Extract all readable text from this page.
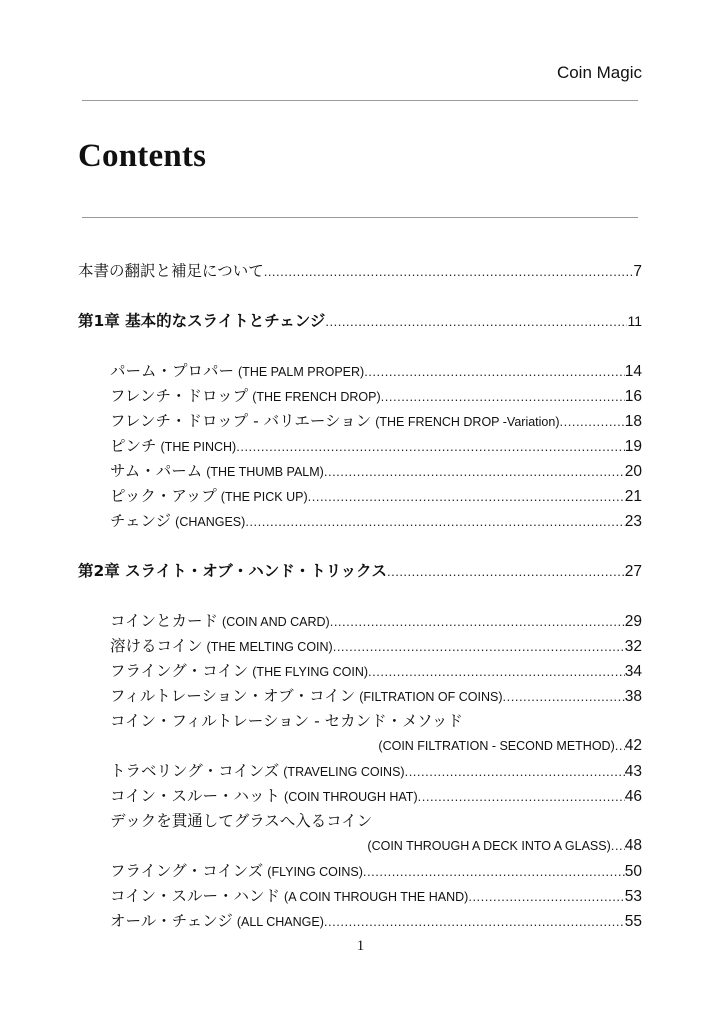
Coin Magic
Contents
本書の翻訳と補足について .....	7
第1章 基本的なスライトとチェンジ .....	11
パーム・プロパー (THE PALM PROPER) .....	14
フレンチ・ドロップ (THE FRENCH DROP) .....	16
フレンチ・ドロップ - バリエーション (THE FRENCH DROP -Variation) .....	18
ピンチ (THE PINCH) .....	19
サム・パーム (THE THUMB PALM) .....	20
ピック・アップ (THE PICK UP) .....	21
チェンジ (CHANGES) .....	23
第2章 スライト・オブ・ハンド・トリックス .....	27
コインとカード (COIN AND CARD) .....	29
溶けるコイン (THE MELTING COIN) .....	32
フライング・コイン (THE FLYING COIN) .....	34
フィルトレーション・オブ・コイン (FILTRATION OF COINS) .....	38
コイン・フィルトレーション - セカンド・メソッド
(COIN FILTRATION - SECOND METHOD) ..... 42
トラベリング・コインズ (TRAVELING COINS) .....	43
コイン・スルー・ハット (COIN THROUGH HAT) .....	46
デックを貫通してグラスへ入るコイン
(COIN THROUGH A DECK INTO A GLASS) ..... 48
フライング・コインズ (FLYING COINS) .....	50
コイン・スルー・ハンド (A COIN THROUGH THE HAND) .....	53
オール・チェンジ (ALL CHANGE) .....	55
1
